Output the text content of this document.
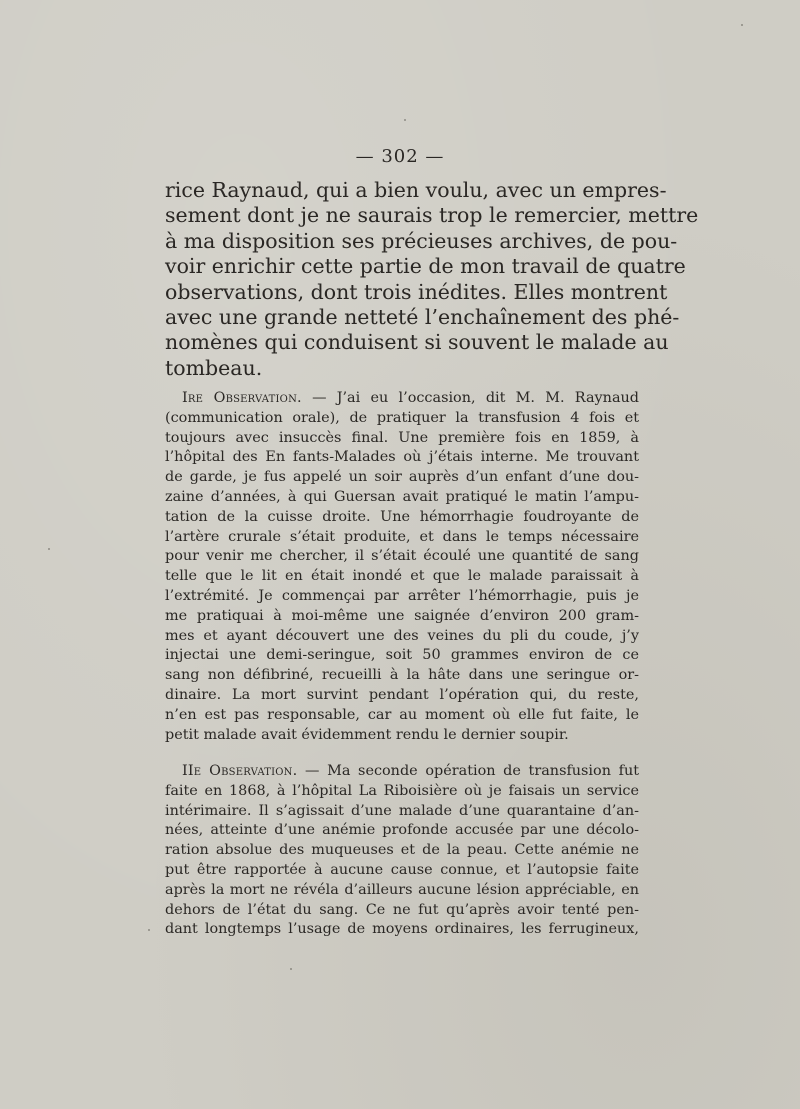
— 302 —
rice Raynaud, qui a bien voulu, avec un empres-
sement dont je ne saurais trop le remercier, mettre
à ma disposition ses précieuses archives, de pou-
voir enrichir cette partie de mon travail de quatre
observations, dont trois inédites. Elles montrent
avec une grande netteté l’enchaînement des phé-
nomènes qui conduisent si souvent le malade au
tombeau.
Ire Observation. — J’ai eu l’occasion, dit M. M. Raynaud
(communication orale), de pratiquer la transfusion 4 fois et
toujours avec insuccès final. Une première fois en 1859, à
l’hôpital des En fants-Malades où j’étais interne. Me trouvant
de garde, je fus appelé un soir auprès d’un enfant d’une dou-
zaine d’années, à qui Guersan avait pratiqué le matin l’ampu-
tation de la cuisse droite. Une hémorrhagie foudroyante de
l’artère crurale s’était produite, et dans le temps nécessaire
pour venir me chercher, il s’était écoulé une quantité de sang
telle que le lit en était inondé et que le malade paraissait à
l’extrémité. Je commençai par arrêter l’hémorrhagie, puis je
me pratiquai à moi-même une saignée d’environ 200 gram-
mes et ayant découvert une des veines du pli du coude, j’y
injectai une demi-seringue, soit 50 grammes environ de ce
sang non défibriné, recueilli à la hâte dans une seringue or-
dinaire. La mort survint pendant l’opération qui, du reste,
n’en est pas responsable, car au moment où elle fut faite, le
petit malade avait évidemment rendu le dernier soupir.
IIe Observation. — Ma seconde opération de transfusion fut
faite en 1868, à l’hôpital La Riboisière où je faisais un service
intérimaire. Il s’agissait d’une malade d’une quarantaine d’an-
nées, atteinte d’une anémie profonde accusée par une décolo-
ration absolue des muqueuses et de la peau. Cette anémie ne
put être rapportée à aucune cause connue, et l’autopsie faite
après la mort ne révéla d’ailleurs aucune lésion appréciable, en
dehors de l’état du sang. Ce ne fut qu’après avoir tenté pen-
dant longtemps l’usage de moyens ordinaires, les ferrugineux,
